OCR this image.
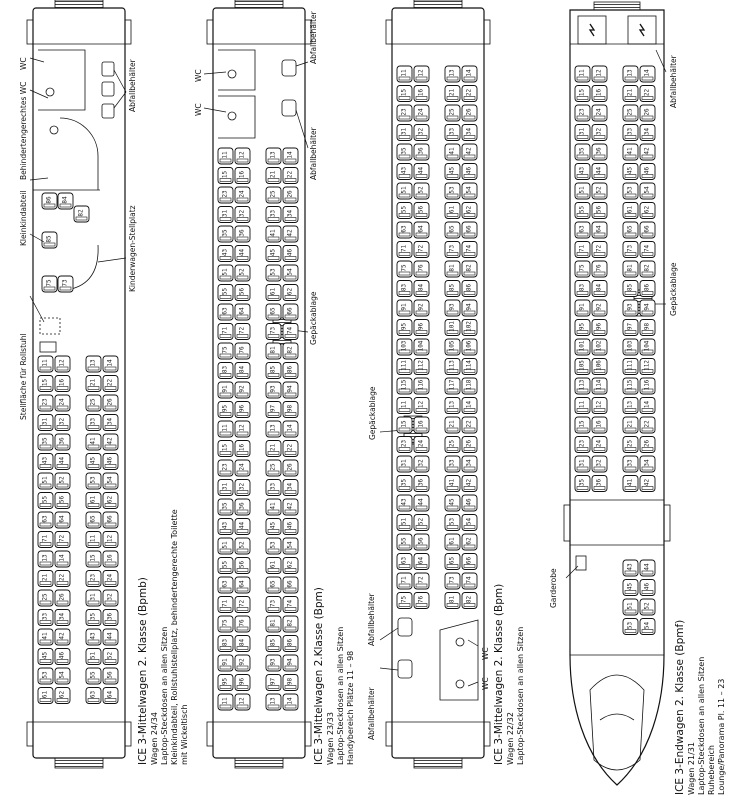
86 84
82
85
75 73
11 12	13 14
15 16	21 22
23 24	25 26
31 32	33 34
35 36	41 42
43 44	45 46
51 52	53 54
55 56	61 62
63 64	65 66
71 72	11 12
13 14	15 16
21 22	23 24
25 26	31 32
33 34	35 36
41 42	43 44
45 46	51 52
53 54	55 56
61 62	63 64
11 12	13 14
15 16	21 22
23 24	25 26
31 32	33 34
35 36	41 42
43 44	45 46
51 52	53 54
55 56	61 62
63 64	65 66
71 72	73 74
75 76	81 82
83 84	85 86
91 92	93 94
95 96	97 98
11 12	13 14
15 16	21 22
23 24	25 26
31 32	33 34
35 36	41 42
43 44	45 46
51 52	53 54
55 56	61 62
63 64	65 66
71 72	73 74
75 76	81 82
83 84	85 86
91 92	93 94
95 96	97 98
11 12	13 14
11 12	13 14
15 16	21 22
23 24	25 26
31 32	33 34
35 36	41 42
43 44	45 46
51 52	53 54
55 56	61 62
63 64	65 66
71 72	73 74
75 76	81 82
83 84	85 86
91 92	93 94
95 96	101 102
103 104	105 106
111 112	113 114
115 116	117 118
11 12	13 14
15 16	21 22
23 24	25 26
31 32	33 34
35 36	41 42
43 44	45 46
51 52	53 54
55 56	61 62
63 64	65 66
71 72	73 74
75 76	81 82
11 12	13 14
15 16	21 22
23 24	25 26
31 32	33 34
35 36	41 42
43 44	45 46
51 52	53 54
55 56	61 62
63 64	65 66
71 72	73 74
75 76	81 82
83 84	85 86
91 92	93 94
95 96	97 98
101 102	103 104
105 106	111 112
113 114	115 116
11 12	13 14
15 16	21 22
23 24	25 26
31 32	33 34
35 36	41 42
43 44
45 46
51 52
53 54
WC
Behindertengerechtes WC
Kleinkindabteil
Stellfläche für Rollstuhl
Abfallbehälter
Kinderwagen-Stellplatz
WC
WC
Abfallbehälter
Abfallbehälter
Gepäckablage
Abfallbehälter
Gepäckablage
Abfallbehälter
WC
WC
Abfallbehälter
Gepäckablage
Garderobe
ICE 3-Mittelwagen 2. Klasse (Bpmb) Wagen 24/34 Laptop-Steckdosen an allen Sitzen Kleinkindabteil, Rollstuhlstellplatz, behindertengerechte Toilette mit Wickeltisch	ICE 3-Mittelwagen 2.Klasse (Bpm) Wagen 23/33 Laptop-Steckdosen an allen Sitzen Handybereich Plätze 11 – 98	ICE 3-Mittelwagen 2. Klasse (Bpm) Wagen 22/32 Laptop-Steckdosen an allen Sitzen	ICE 3-Endwagen 2. Klasse (Bpmf) Wagen 21/31 Laptop-Steckdosen an allen Sitzen Ruhebereich Lounge/Panorama Pl. 11 – 23
